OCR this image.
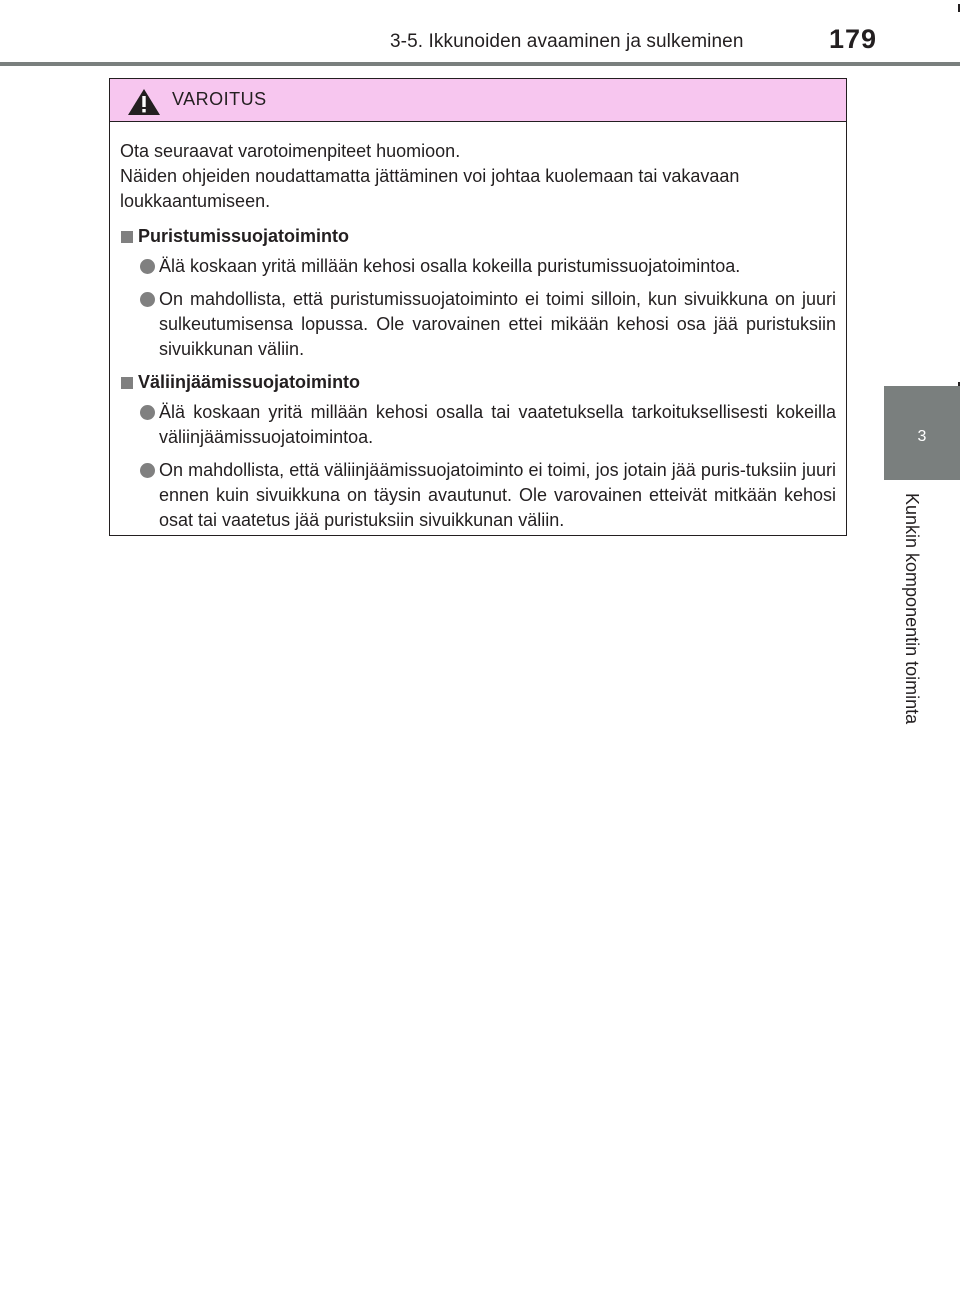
3-5. Ikkunoiden avaaminen ja sulkeminen	179
3
Kunkin komponentin toiminta
VAROITUS

Ota seuraavat varotoimenpiteet huomioon.
Näiden ohjeiden noudattamatta jättäminen voi johtaa kuolemaan tai vakavaan loukkaantumiseen.

Puristumissuojatoiminto
Älä koskaan yritä millään kehosi osalla kokeilla puristumissuojatoimintoa.
On mahdollista, että puristumissuojatoiminto ei toimi silloin, kun sivuikkuna on juuri sulkeutumisensa lopussa. Ole varovainen ettei mikään kehosi osa jää puristuksiin sivuikkunan väliin.
Väliinjäämissuojatoiminto
Älä koskaan yritä millään kehosi osalla tai vaatetuksella tarkoituksellisesti kokeilla väliinjäämissuojatoimintoa.
On mahdollista, että väliinjäämissuojatoiminto ei toimi, jos jotain jää puris-tuksiin juuri ennen kuin sivuikkuna on täysin avautunut. Ole varovainen etteivät mitkään kehosi osat tai vaatetus jää puristuksiin sivuikkunan väliin.
